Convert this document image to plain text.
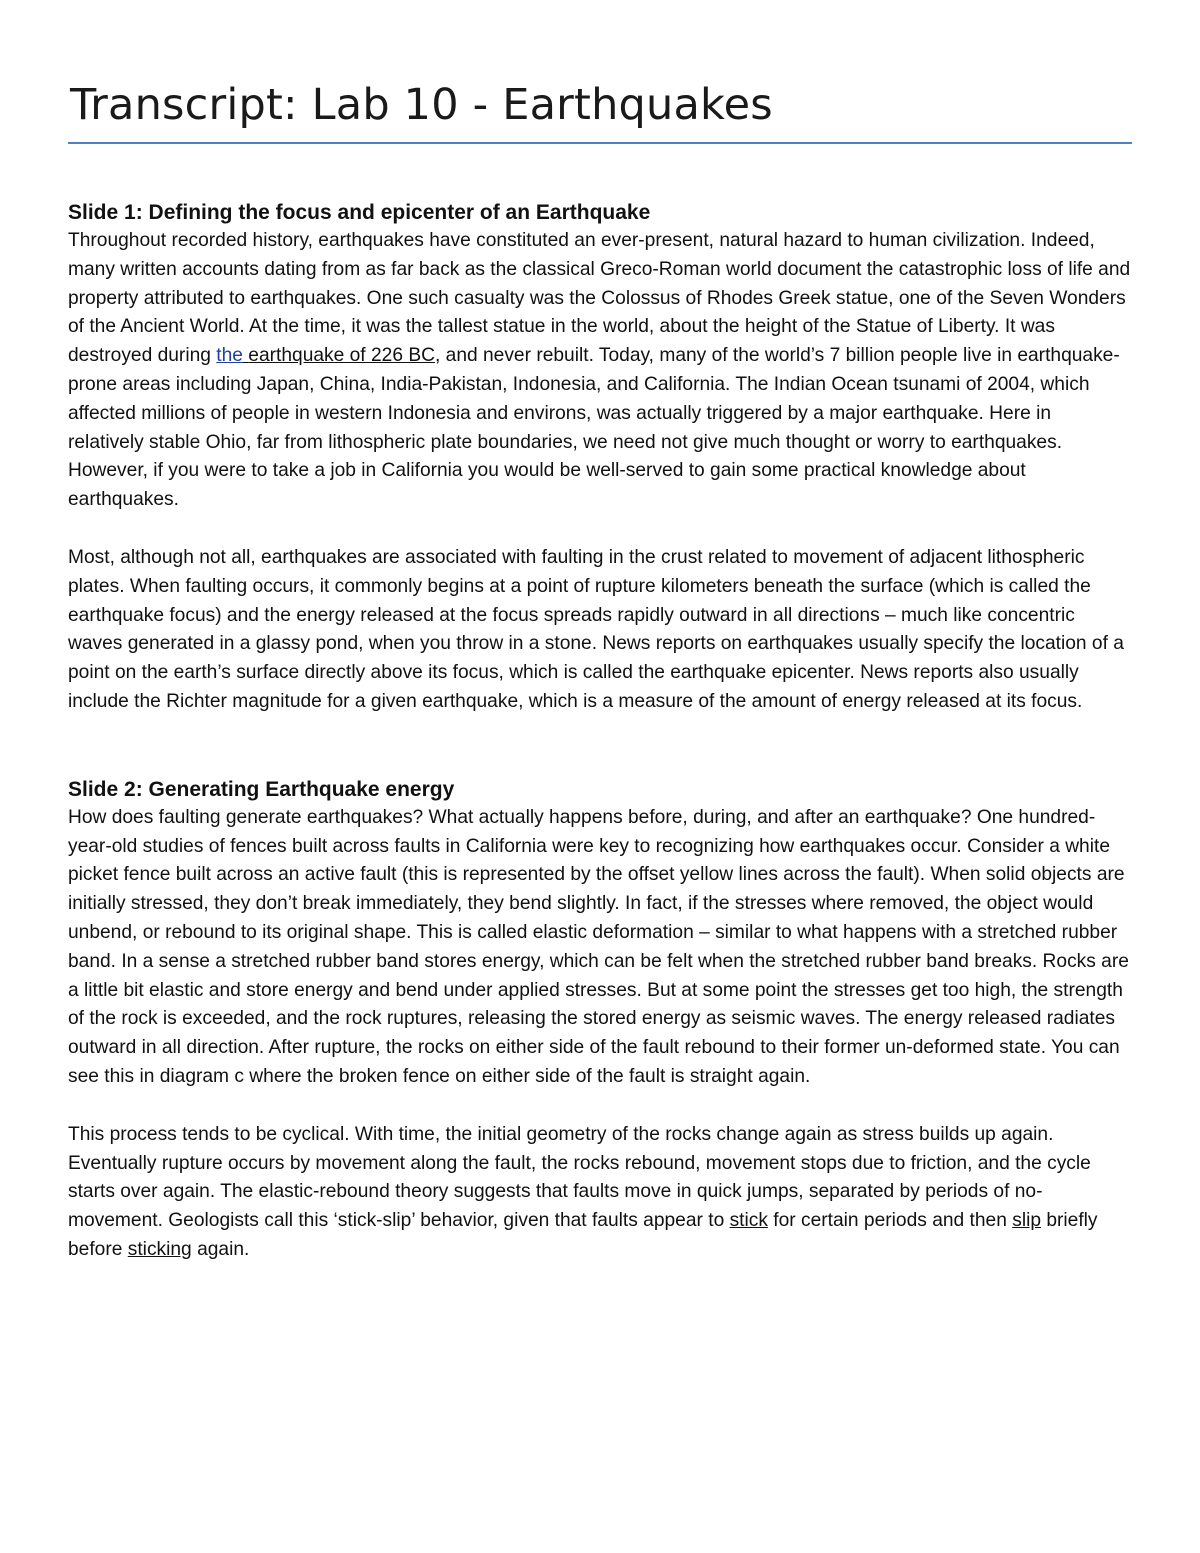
Transcript: Lab 10 - Earthquakes
Slide 1: Defining the focus and epicenter of an Earthquake

Throughout recorded history, earthquakes have constituted an ever-present, natural hazard to human civilization. Indeed, many written accounts dating from as far back as the classical Greco-Roman world document the catastrophic loss of life and property attributed to earthquakes. One such casualty was the Colossus of Rhodes Greek statue, one of the Seven Wonders of the Ancient World. At the time, it was the tallest statue in the world, about the height of the Statue of Liberty. It was destroyed during the earthquake of 226 BC, and never rebuilt. Today, many of the world’s 7 billion people live in earthquake-prone areas including Japan, China, India-Pakistan, Indonesia, and California. The Indian Ocean tsunami of 2004, which affected millions of people in western Indonesia and environs, was actually triggered by a major earthquake. Here in relatively stable Ohio, far from lithospheric plate boundaries, we need not give much thought or worry to earthquakes. However, if you were to take a job in California you would be well-served to gain some practical knowledge about earthquakes.

Most, although not all, earthquakes are associated with faulting in the crust related to movement of adjacent lithospheric plates. When faulting occurs, it commonly begins at a point of rupture kilometers beneath the surface (which is called the earthquake focus) and the energy released at the focus spreads rapidly outward in all directions – much like concentric waves generated in a glassy pond, when you throw in a stone. News reports on earthquakes usually specify the location of a point on the earth’s surface directly above its focus, which is called the earthquake epicenter. News reports also usually include the Richter magnitude for a given earthquake, which is a measure of the amount of energy released at its focus.

Slide 2: Generating Earthquake energy

How does faulting generate earthquakes? What actually happens before, during, and after an earthquake? One hundred-year-old studies of fences built across faults in California were key to recognizing how earthquakes occur. Consider a white picket fence built across an active fault (this is represented by the offset yellow lines across the fault). When solid objects are initially stressed, they don’t break immediately, they bend slightly. In fact, if the stresses where removed, the object would unbend, or rebound to its original shape. This is called elastic deformation – similar to what happens with a stretched rubber band. In a sense a stretched rubber band stores energy, which can be felt when the stretched rubber band breaks. Rocks are a little bit elastic and store energy and bend under applied stresses. But at some point the stresses get too high, the strength of the rock is exceeded, and the rock ruptures, releasing the stored energy as seismic waves. The energy released radiates outward in all direction. After rupture, the rocks on either side of the fault rebound to their former un-deformed state. You can see this in diagram c where the broken fence on either side of the fault is straight again.

This process tends to be cyclical. With time, the initial geometry of the rocks change again as stress builds up again. Eventually rupture occurs by movement along the fault, the rocks rebound, movement stops due to friction, and the cycle starts over again. The elastic-rebound theory suggests that faults move in quick jumps, separated by periods of no-movement. Geologists call this ‘stick-slip’ behavior, given that faults appear to stick for certain periods and then slip briefly before sticking again.
